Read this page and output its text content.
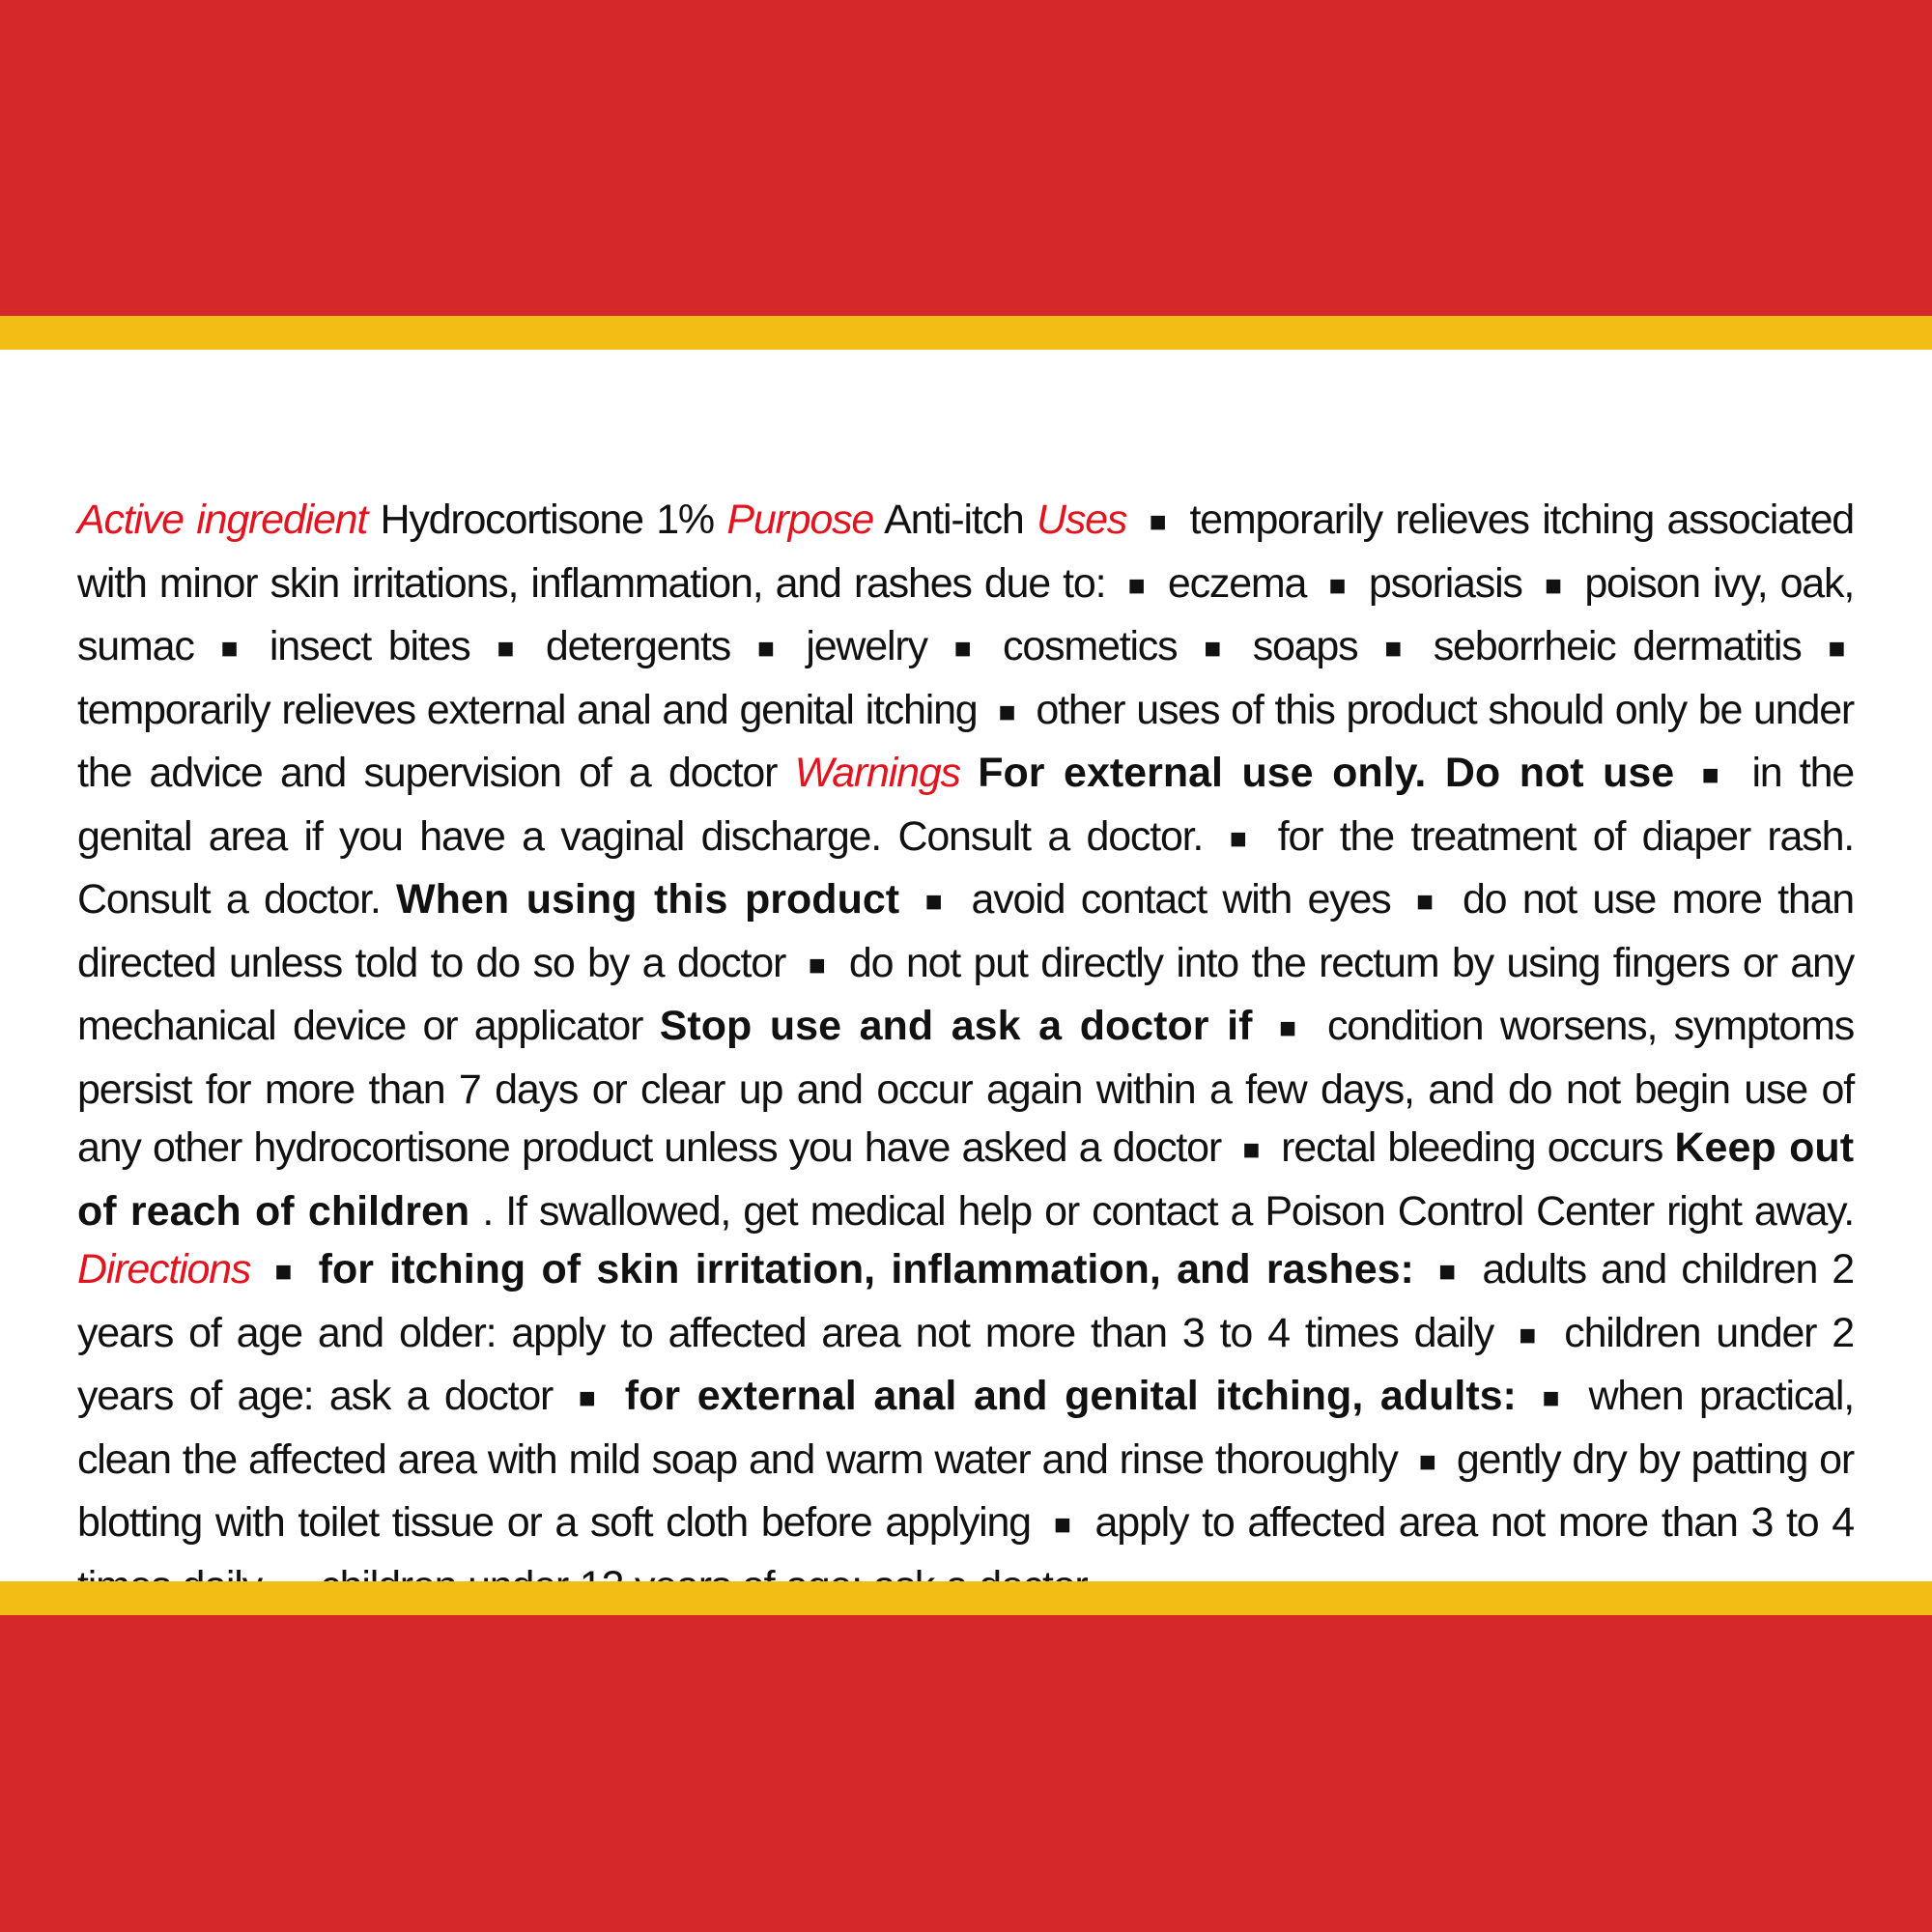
Active ingredient Hydrocortisone 1% Purpose Anti-itch Uses ■ temporarily relieves itching associated with minor skin irritations, inflammation, and rashes due to: ■ eczema ■ psoriasis ■ poison ivy, oak, sumac ■ insect bites ■ detergents ■ jewelry ■ cosmetics ■ soaps ■ seborrheic dermatitis ■ temporarily relieves external anal and genital itching ■ other uses of this product should only be under the advice and supervision of a doctor Warnings For external use only. Do not use ■ in the genital area if you have a vaginal discharge. Consult a doctor. ■ for the treatment of diaper rash. Consult a doctor. When using this product ■ avoid contact with eyes ■ do not use more than directed unless told to do so by a doctor ■ do not put directly into the rectum by using fingers or any mechanical device or applicator Stop use and ask a doctor if ■ condition worsens, symptoms persist for more than 7 days or clear up and occur again within a few days, and do not begin use of any other hydrocortisone product unless you have asked a doctor ■ rectal bleeding occurs Keep out of reach of children . If swallowed, get medical help or contact a Poison Control Center right away. Directions ■ for itching of skin irritation, inflammation, and rashes: ■ adults and children 2 years of age and older: apply to affected area not more than 3 to 4 times daily ■ children under 2 years of age: ask a doctor ■ for external anal and genital itching, adults: ■ when practical, clean the affected area with mild soap and warm water and rinse thoroughly ■ gently dry by patting or blotting with toilet tissue or a soft cloth before applying ■ apply to affected area not more than 3 to 4
